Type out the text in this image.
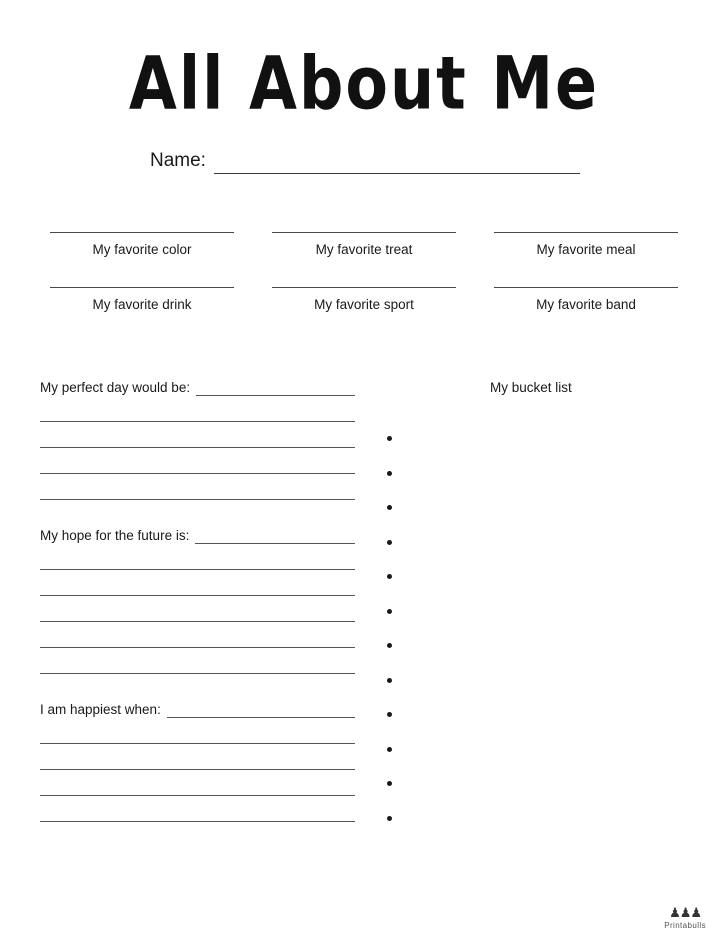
All About Me
Name:
My favorite color	My favorite treat	My favorite meal
My favorite drink	My favorite sport	My favorite band
My perfect day would be:
My hope for the future is:
I am happiest when:
My bucket list
♟♟♟
Printabulls
